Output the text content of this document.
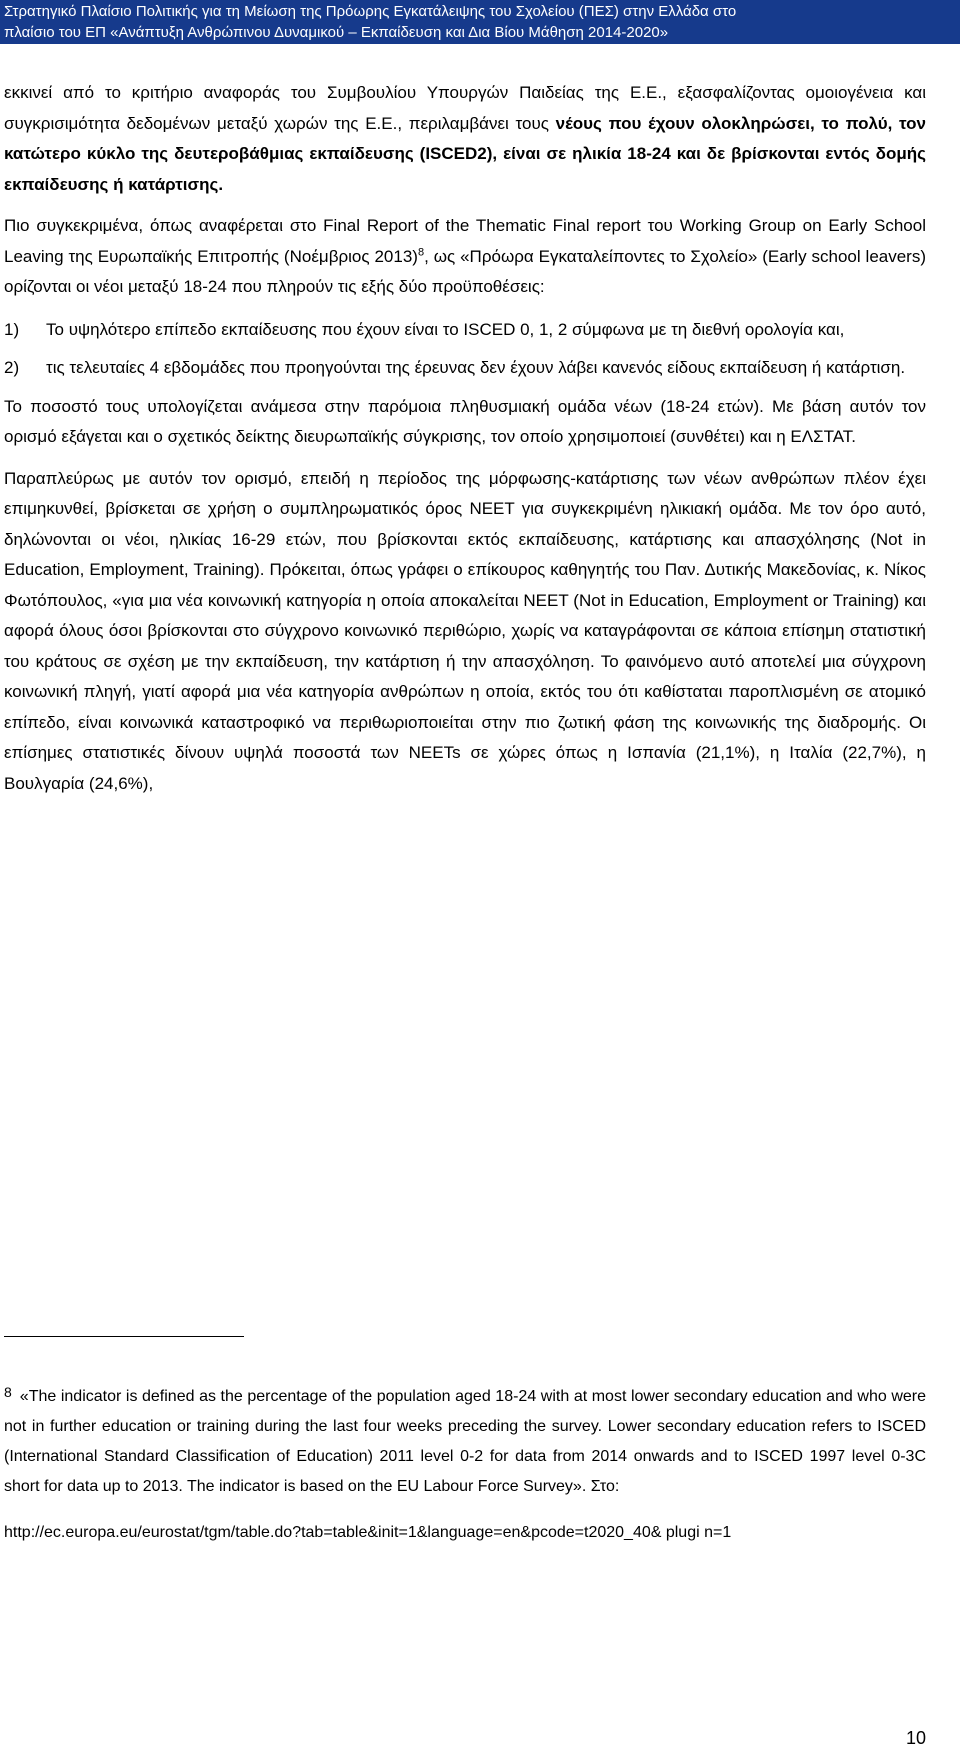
Στρατηγικό Πλαίσιο Πολιτικής για τη Μείωση της Πρόωρης Εγκατάλειψης του Σχολείου (ΠΕΣ) στην Ελλάδα στο
πλαίσιο του ΕΠ «Ανάπτυξη Ανθρώπινου Δυναμικού – Εκπαίδευση και Δια Βίου Μάθηση 2014-2020»

εκκινεί από το κριτήριο αναφοράς του Συμβουλίου Υπουργών Παιδείας της Ε.Ε., εξασφαλίζοντας ομοιογένεια και συγκρισιμότητα δεδομένων μεταξύ χωρών της Ε.Ε., περιλαμβάνει τους νέους που έχουν ολοκληρώσει, το πολύ, τον κατώτερο κύκλο της δευτεροβάθμιας εκπαίδευσης (ISCED2), είναι σε ηλικία 18-24 και δε βρίσκονται εντός δομής εκπαίδευσης ή κατάρτισης.

Πιο συγκεκριμένα, όπως αναφέρεται στο Final Report of the Thematic Final report του Working Group on Early School Leaving της Ευρωπαϊκής Επιτροπής (Νοέμβριος 2013)$^8$, ως «Πρόωρα Εγκαταλείποντες το Σχολείο» (Early school leavers) ορίζονται οι νέοι μεταξύ 18-24 που πληρούν τις εξής δύο προϋποθέσεις:

1) Το υψηλότερο επίπεδο εκπαίδευσης που έχουν είναι το ISCED 0, 1, 2 σύμφωνα με τη διεθνή ορολογία και,
2) τις τελευταίες 4 εβδομάδες που προηγούνται της έρευνας δεν έχουν λάβει κανενός είδους εκπαίδευση ή κατάρτιση.

Το ποσοστό τους υπολογίζεται ανάμεσα στην παρόμοια πληθυσμιακή ομάδα νέων (18-24 ετών). Με βάση αυτόν τον ορισμό εξάγεται και ο σχετικός δείκτης διευρωπαϊκής σύγκρισης, τον οποίο χρησιμοποιεί (συνθέτει) και η ΕΛΣΤΑΤ.

Παραπλεύρως με αυτόν τον ορισμό, επειδή η περίοδος της μόρφωσης-κατάρτισης των νέων ανθρώπων πλέον έχει επιμηκυνθεί, βρίσκεται σε χρήση ο συμπληρωματικός όρος NEET για συγκεκριμένη ηλικιακή ομάδα. Με τον όρο αυτό, δηλώνονται οι νέοι, ηλικίας 16-29 ετών, που βρίσκονται εκτός εκπαίδευσης, κατάρτισης και απασχόλησης (Not in Education, Employment, Training). Πρόκειται, όπως γράφει ο επίκουρος καθηγητής του Παν. Δυτικής Μακεδονίας, κ. Νίκος Φωτόπουλος, «για μια νέα κοινωνική κατηγορία η οποία αποκαλείται NEET (Not in Education, Employment or Training) και αφορά όλους όσοι βρίσκονται στο σύγχρονο κοινωνικό περιθώριο, χωρίς να καταγράφονται σε κάποια επίσημη στατιστική του κράτους σε σχέση με την εκπαίδευση, την κατάρτιση ή την απασχόληση. Το φαινόμενο αυτό αποτελεί μια σύγχρονη κοινωνική πληγή, γιατί αφορά μια νέα κατηγορία ανθρώπων η οποία, εκτός του ότι καθίσταται παροπλισμένη σε ατομικό επίπεδο, είναι κοινωνικά καταστροφικό να περιθωριοποιείται στην πιο ζωτική φάση της κοινωνικής της διαδρομής. Οι επίσημες στατιστικές δίνουν υψηλά ποσοστά των NEETs σε χώρες όπως η Ισπανία (21,1%), η Ιταλία (22,7%), η Βουλγαρία (24,6%),

8 «The indicator is defined as the percentage of the population aged 18-24 with at most lower secondary education and who were not in further education or training during the last four weeks preceding the survey. Lower secondary education refers to ISCED (International Standard Classification of Education) 2011 level 0-2 for data from 2014 onwards and to ISCED 1997 level 0-3C short for data up to 2013. The indicator is based on the EU Labour Force Survey». Στο:
http://ec.europa.eu/eurostat/tgm/table.do?tab=table&init=1&language=en&pcode=t2020_40& plugi n=1
10
